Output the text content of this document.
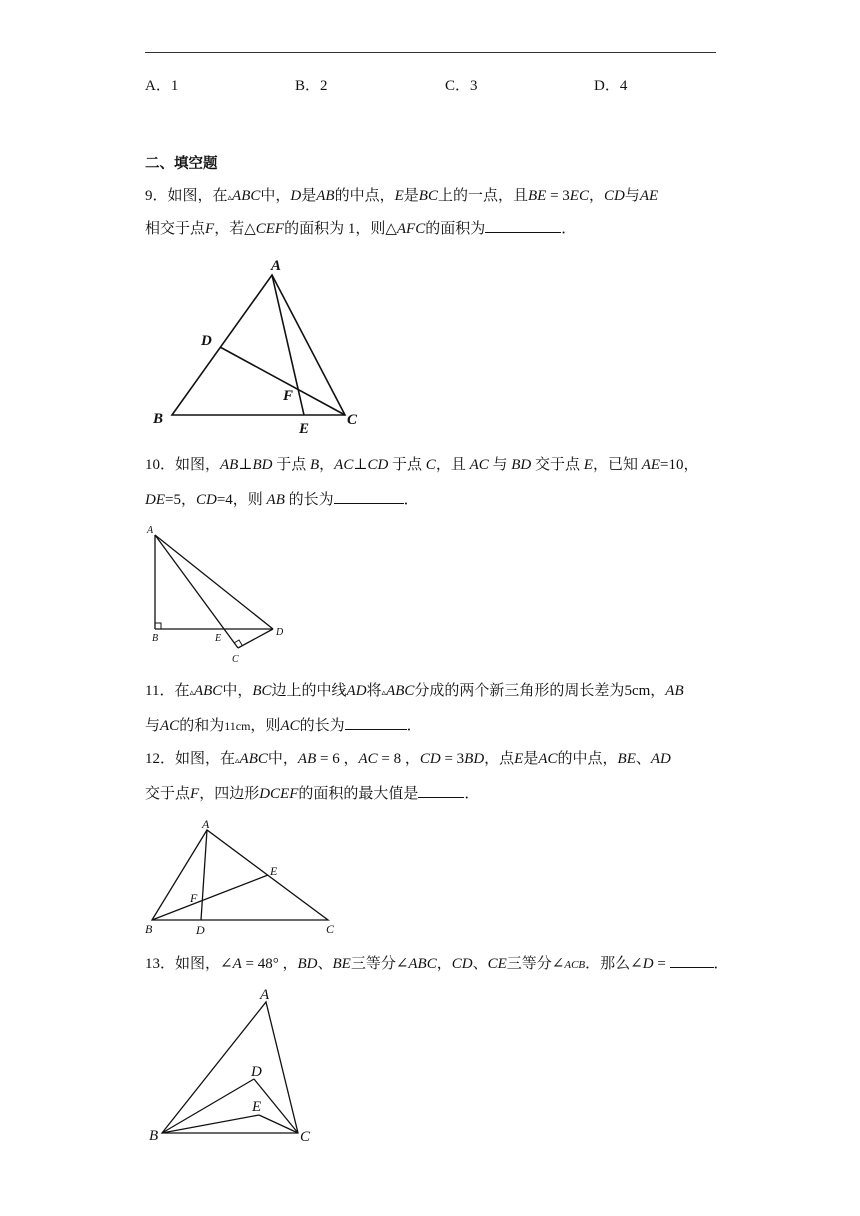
A．1	B．2	C．3	D．4
二、填空题
9．如图，在▵ABC中，D是AB的中点，E是BC上的一点，且BE = 3EC，CD与AE
相交于点F，若△CEF的面积为 1，则△AFC的面积为	．
A
B	C
D
E
F
10．如图，AB⊥BD 于点 B，AC⊥CD 于点 C，且 AC 与 BD 交于点 E，已知 AE=10，
DE=5，CD=4，则 AB 的长为	．
A
B	E
D
C
11．在▵ABC中，BC边上的中线AD将▵ABC分成的两个新三角形的周长差为5cm，AB
与AC的和为11cm，则AC的长为	．
12．如图，在▵ABC中，AB = 6 ，AC = 8 ，CD = 3BD，点E是AC的中点，BE、AD
交于点F，四边形DCEF的面积的最大值是	．
A
B	C
D
E
F
13．如图，∠A = 48° ，BD、BE三等分∠ABC，CD、CE三等分∠ACB．那么∠D =	．
A
B	C
D
E
